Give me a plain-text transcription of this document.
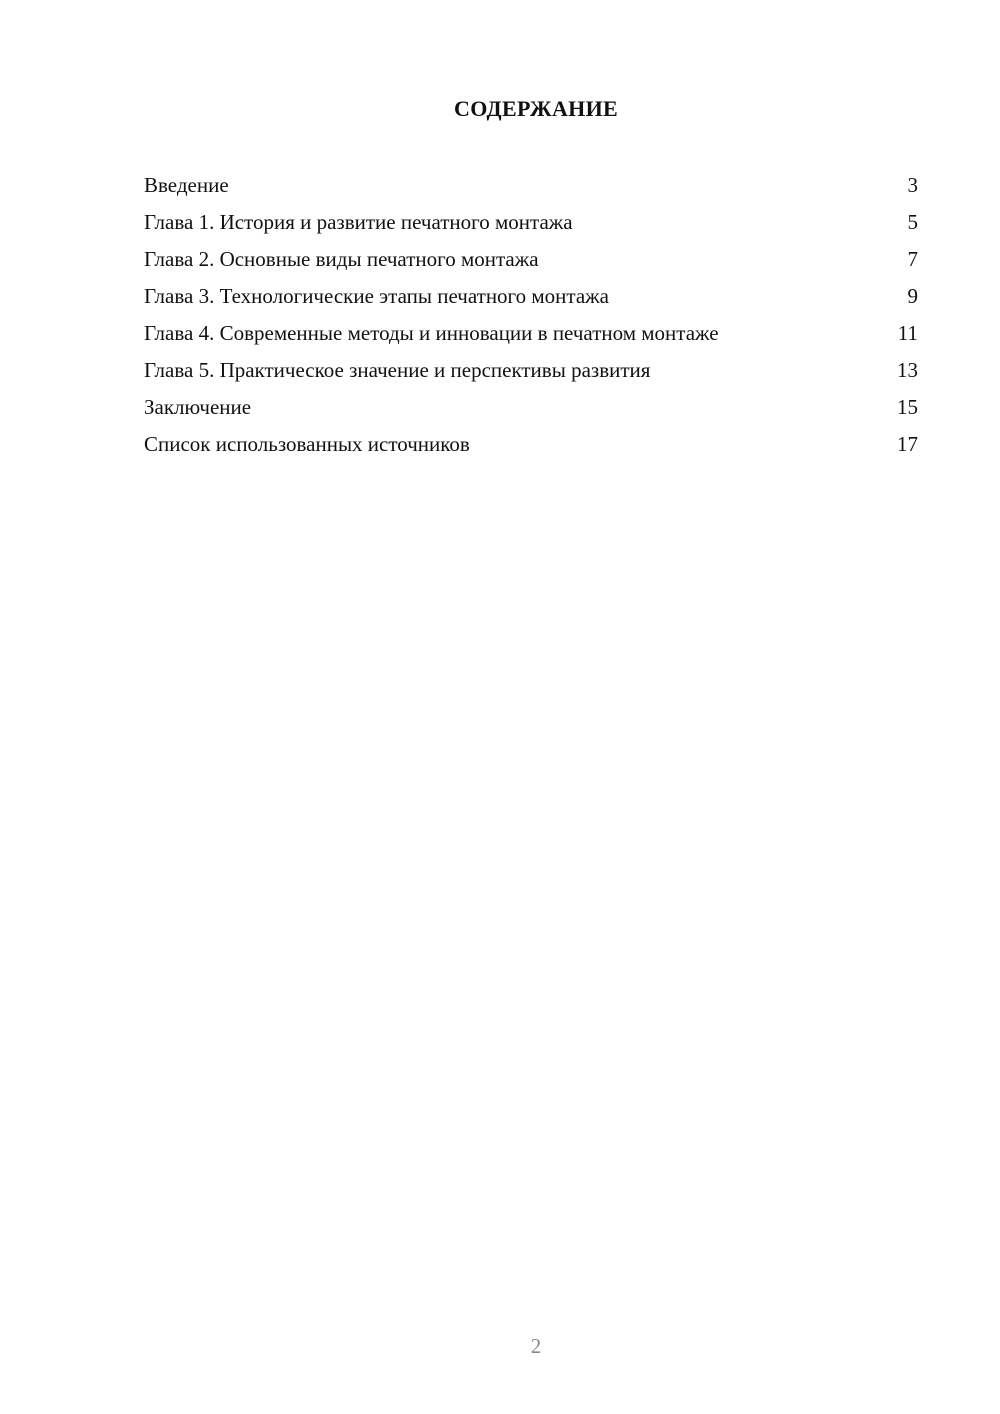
СОДЕРЖАНИЕ
Введение	3
Глава 1. История и развитие печатного монтажа	5
Глава 2. Основные виды печатного монтажа	7
Глава 3. Технологические этапы печатного монтажа	9
Глава 4. Современные методы и инновации в печатном монтаже	11
Глава 5. Практическое значение и перспективы развития	13
Заключение	15
Список использованных источников	17
2
